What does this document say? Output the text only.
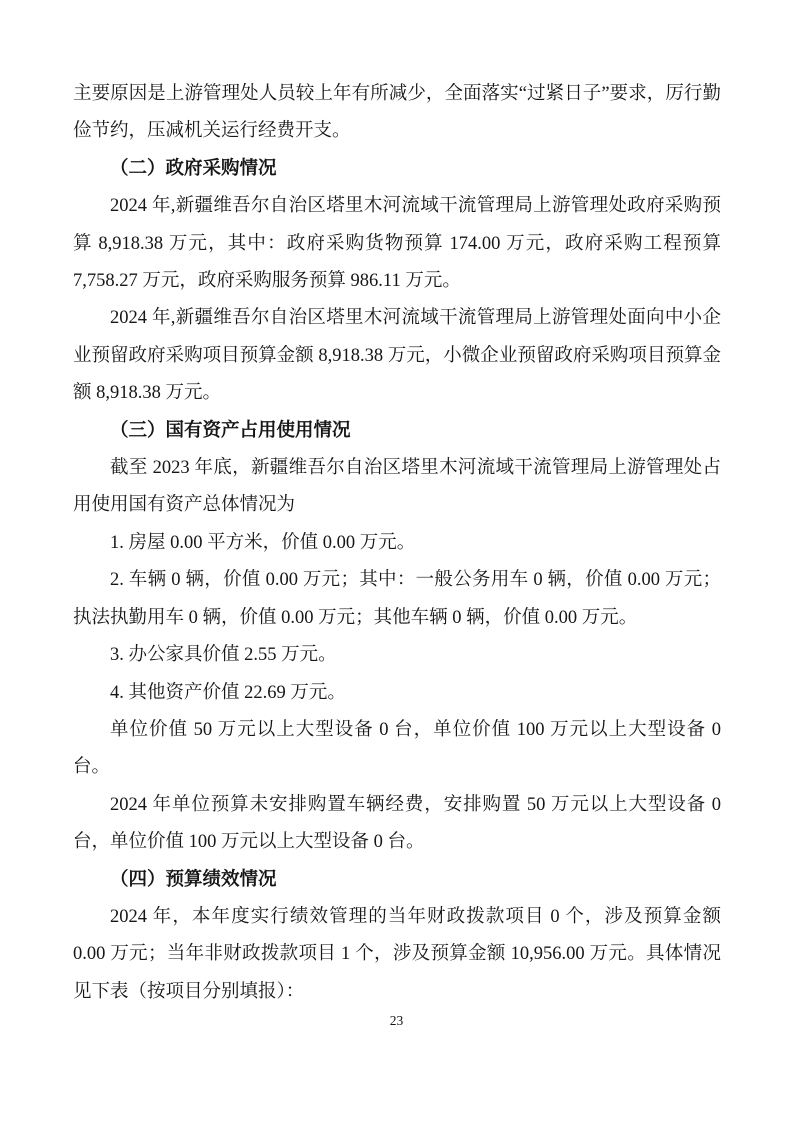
主要原因是上游管理处人员较上年有所减少，全面落实“过紧日子”要求，厉行勤俭节约，压减机关运行经费开支。

（二）政府采购情况

2024 年,新疆维吾尔自治区塔里木河流域干流管理局上游管理处政府采购预算 8,918.38 万元，其中：政府采购货物预算 174.00 万元，政府采购工程预算 7,758.27 万元，政府采购服务预算 986.11 万元。

2024 年,新疆维吾尔自治区塔里木河流域干流管理局上游管理处面向中小企业预留政府采购项目预算金额 8,918.38 万元，小微企业预留政府采购项目预算金额 8,918.38 万元。

（三）国有资产占用使用情况

截至 2023 年底，新疆维吾尔自治区塔里木河流域干流管理局上游管理处占用使用国有资产总体情况为

1. 房屋 0.00 平方米，价值 0.00 万元。

2. 车辆 0 辆，价值 0.00 万元；其中：一般公务用车 0 辆，价值 0.00 万元；执法执勤用车 0 辆，价值 0.00 万元；其他车辆 0 辆，价值 0.00 万元。

3. 办公家具价值 2.55 万元。

4. 其他资产价值 22.69 万元。

单位价值 50 万元以上大型设备 0 台，单位价值 100 万元以上大型设备 0 台。

2024 年单位预算未安排购置车辆经费，安排购置 50 万元以上大型设备 0 台，单位价值 100 万元以上大型设备 0 台。

（四）预算绩效情况

2024 年，本年度实行绩效管理的当年财政拨款项目 0 个，涉及预算金额 0.00 万元；当年非财政拨款项目 1 个，涉及预算金额 10,956.00 万元。具体情况见下表（按项目分别填报）：

23
